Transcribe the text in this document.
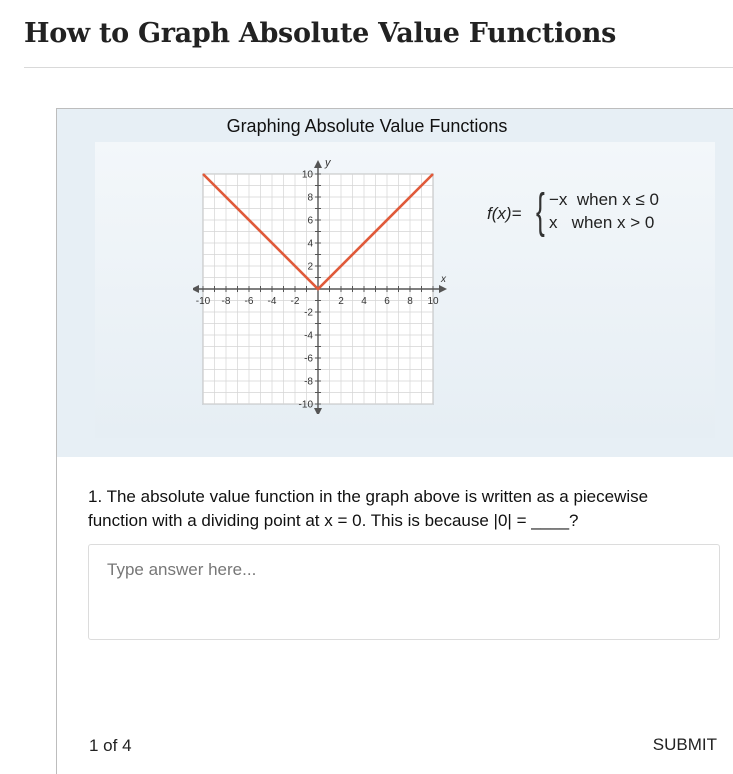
How to Graph Absolute Value Functions
Graphing Absolute Value Functions
-10 -8 -6 -4 -2	2 4 6 8 10
10
8
6
4
2
-2
-4
-6
-8
-10
x
y
f(x)= { −x  when x ≤ 0
x   when x > 0
1. The absolute value function in the graph above is written as a piecewise function with a dividing point at x = 0. This is because |0| = ____?
Type answer here...
1 of 4	SUBMIT
